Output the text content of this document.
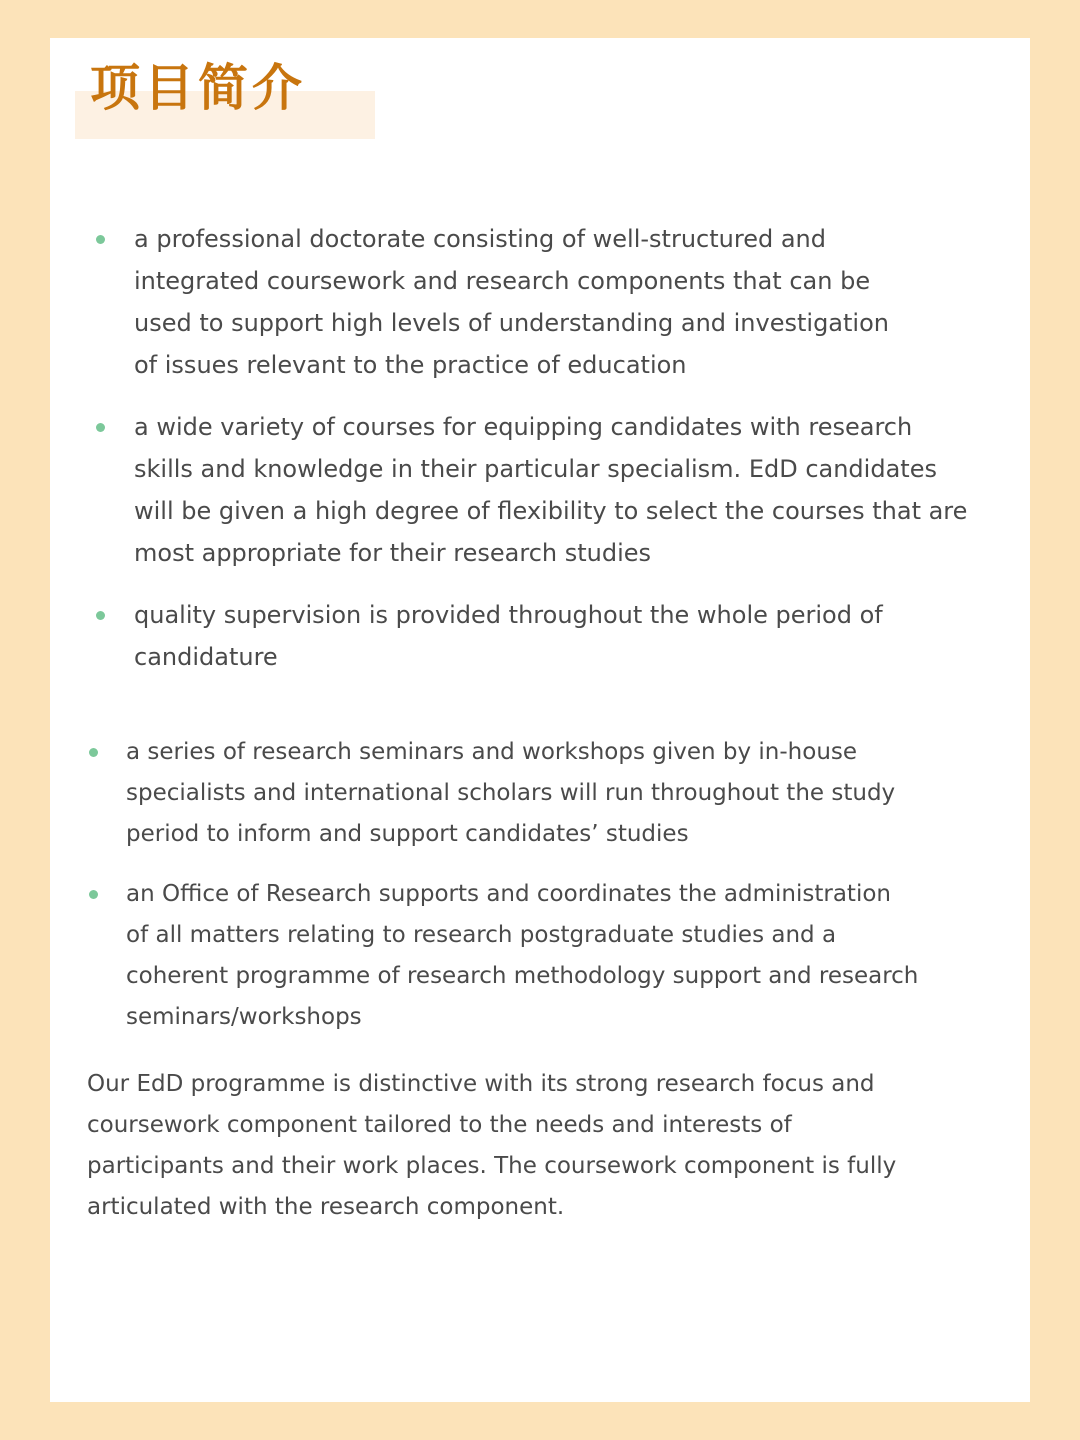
项目简介
a professional doctorate consisting of well-structured and
integrated coursework and research components that can be
used to support high levels of understanding and investigation
of issues relevant to the practice of education
a wide variety of courses for equipping candidates with research
skills and knowledge in their particular specialism. EdD candidates
will be given a high degree of flexibility to select the courses that are
most appropriate for their research studies
quality supervision is provided throughout the whole period of
candidature
a series of research seminars and workshops given by in-house
specialists and international scholars will run throughout the study
period to inform and support candidates’ studies
an Office of Research supports and coordinates the administration
of all matters relating to research postgraduate studies and a
coherent programme of research methodology support and research
seminars/workshops

Our EdD programme is distinctive with its strong research focus and
coursework component tailored to the needs and interests of
participants and their work places. The coursework component is fully
articulated with the research component.
